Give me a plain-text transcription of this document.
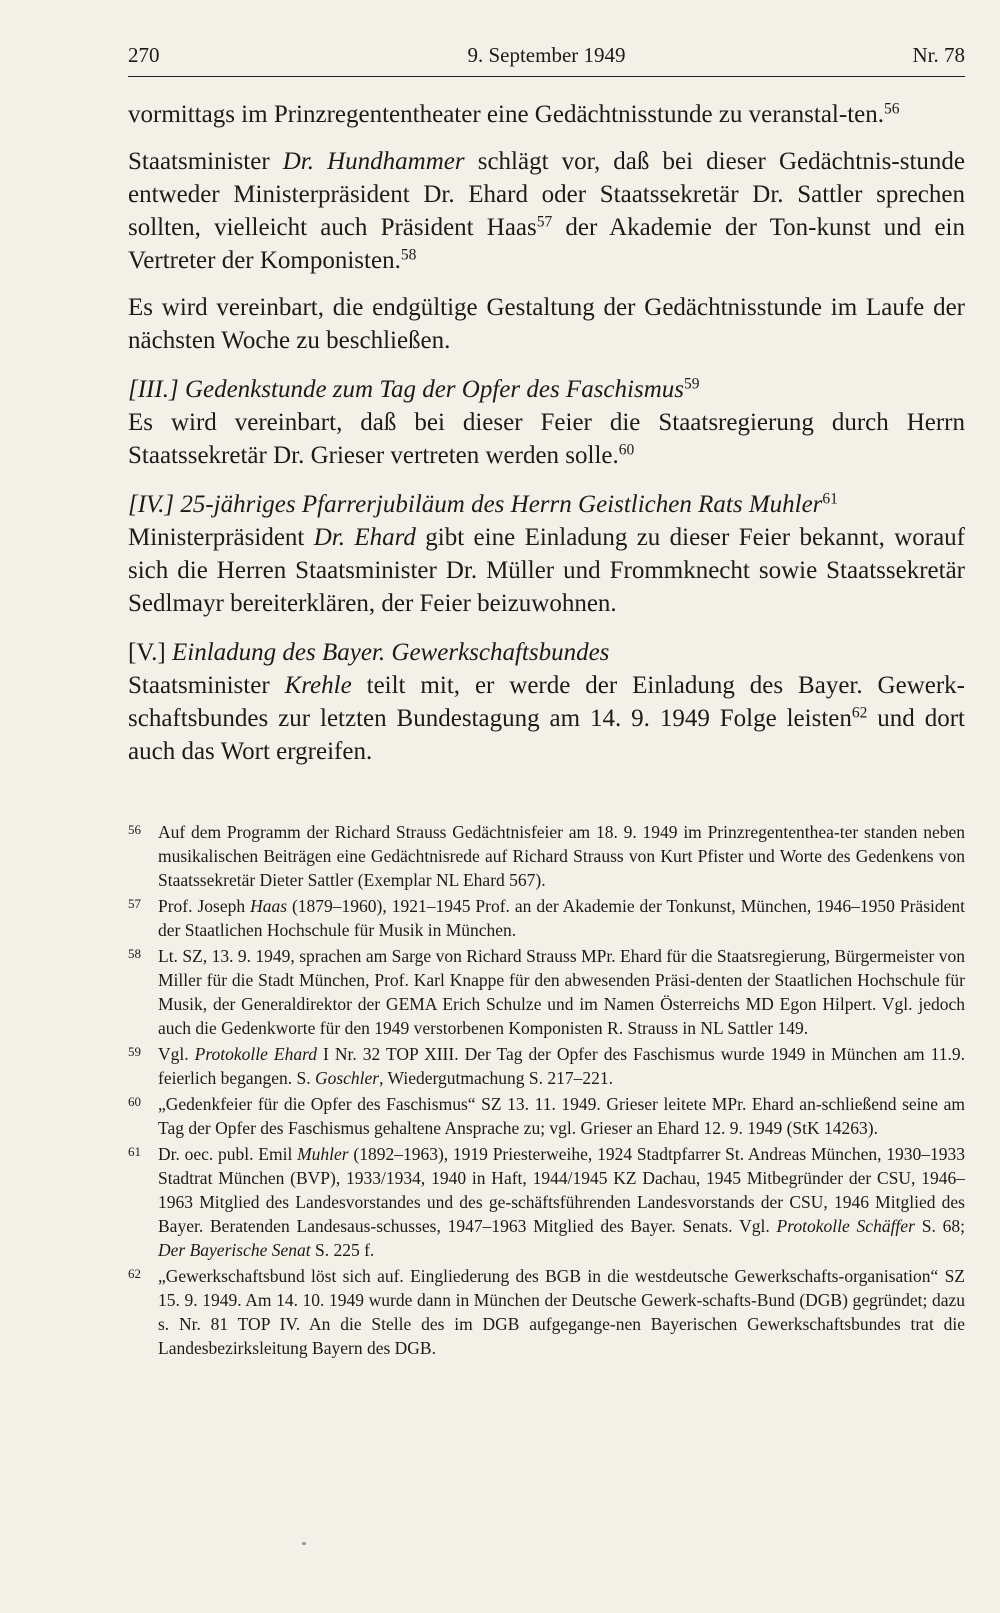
9. September 1949
270	Nr. 78

vormittags im Prinzregententheater eine Gedächtnisstunde zu veranstal-ten.$^{56}$

Staatsminister Dr. Hundhammer schlägt vor, daß bei dieser Gedächtnis-stunde entweder Ministerpräsident Dr. Ehard oder Staatssekretär Dr. Sattler sprechen sollten, vielleicht auch Präsident Haas$^{57}$ der Akademie der Ton-kunst und ein Vertreter der Komponisten.$^{58}$

Es wird vereinbart, die endgültige Gestaltung der Gedächtnisstunde im Laufe der nächsten Woche zu beschließen.

[III.] Gedenkstunde zum Tag der Opfer des Faschismus$^{59}$

Es wird vereinbart, daß bei dieser Feier die Staatsregierung durch Herrn Staatssekretär Dr. Grieser vertreten werden solle.$^{60}$

[IV.] 25-jähriges Pfarrerjubiläum des Herrn Geistlichen Rats Muhler$^{61}$

Ministerpräsident Dr. Ehard gibt eine Einladung zu dieser Feier bekannt, worauf sich die Herren Staatsminister Dr. Müller und Frommknecht sowie Staatssekretär Sedlmayr bereiterklären, der Feier beizuwohnen.

[V.] Einladung des Bayer. Gewerkschaftsbundes

Staatsminister Krehle teilt mit, er werde der Einladung des Bayer. Gewerk-schaftsbundes zur letzten Bundestagung am 14. 9. 1949 Folge leisten$^{62}$ und dort auch das Wort ergreifen.

56 Auf dem Programm der Richard Strauss Gedächtnisfeier am 18. 9. 1949 im Prinzregententhea-ter standen neben musikalischen Beiträgen eine Gedächtnisrede auf Richard Strauss von Kurt Pfister und Worte des Gedenkens von Staatssekretär Dieter Sattler (Exemplar NL Ehard 567).
57 Prof. Joseph Haas (1879–1960), 1921–1945 Prof. an der Akademie der Tonkunst, München, 1946–1950 Präsident der Staatlichen Hochschule für Musik in München.
58 Lt. SZ, 13. 9. 1949, sprachen am Sarge von Richard Strauss MPr. Ehard für die Staatsregierung, Bürgermeister von Miller für die Stadt München, Prof. Karl Knappe für den abwesenden Präsi-denten der Staatlichen Hochschule für Musik, der Generaldirektor der GEMA Erich Schulze und im Namen Österreichs MD Egon Hilpert. Vgl. jedoch auch die Gedenkworte für den 1949 verstorbenen Komponisten R. Strauss in NL Sattler 149.
59 Vgl. Protokolle Ehard I Nr. 32 TOP XIII. Der Tag der Opfer des Faschismus wurde 1949 in München am 11.9. feierlich begangen. S. Goschler, Wiedergutmachung S. 217–221.
60 „Gedenkfeier für die Opfer des Faschismus“ SZ 13. 11. 1949. Grieser leitete MPr. Ehard an-schließend seine am Tag der Opfer des Faschismus gehaltene Ansprache zu; vgl. Grieser an Ehard 12. 9. 1949 (StK 14263).
61 Dr. oec. publ. Emil Muhler (1892–1963), 1919 Priesterweihe, 1924 Stadtpfarrer St. Andreas München, 1930–1933 Stadtrat München (BVP), 1933/1934, 1940 in Haft, 1944/1945 KZ Dachau, 1945 Mitbegründer der CSU, 1946–1963 Mitglied des Landesvorstandes und des ge-schäftsführenden Landesvorstands der CSU, 1946 Mitglied des Bayer. Beratenden Landesaus-schusses, 1947–1963 Mitglied des Bayer. Senats. Vgl. Protokolle Schäffer S. 68; Der Bayerische Senat S. 225 f.
62 „Gewerkschaftsbund löst sich auf. Eingliederung des BGB in die westdeutsche Gewerkschafts-organisation“ SZ 15. 9. 1949. Am 14. 10. 1949 wurde dann in München der Deutsche Gewerk-schafts-Bund (DGB) gegründet; dazu s. Nr. 81 TOP IV. An die Stelle des im DGB aufgegange-nen Bayerischen Gewerkschaftsbundes trat die Landesbezirksleitung Bayern des DGB.
